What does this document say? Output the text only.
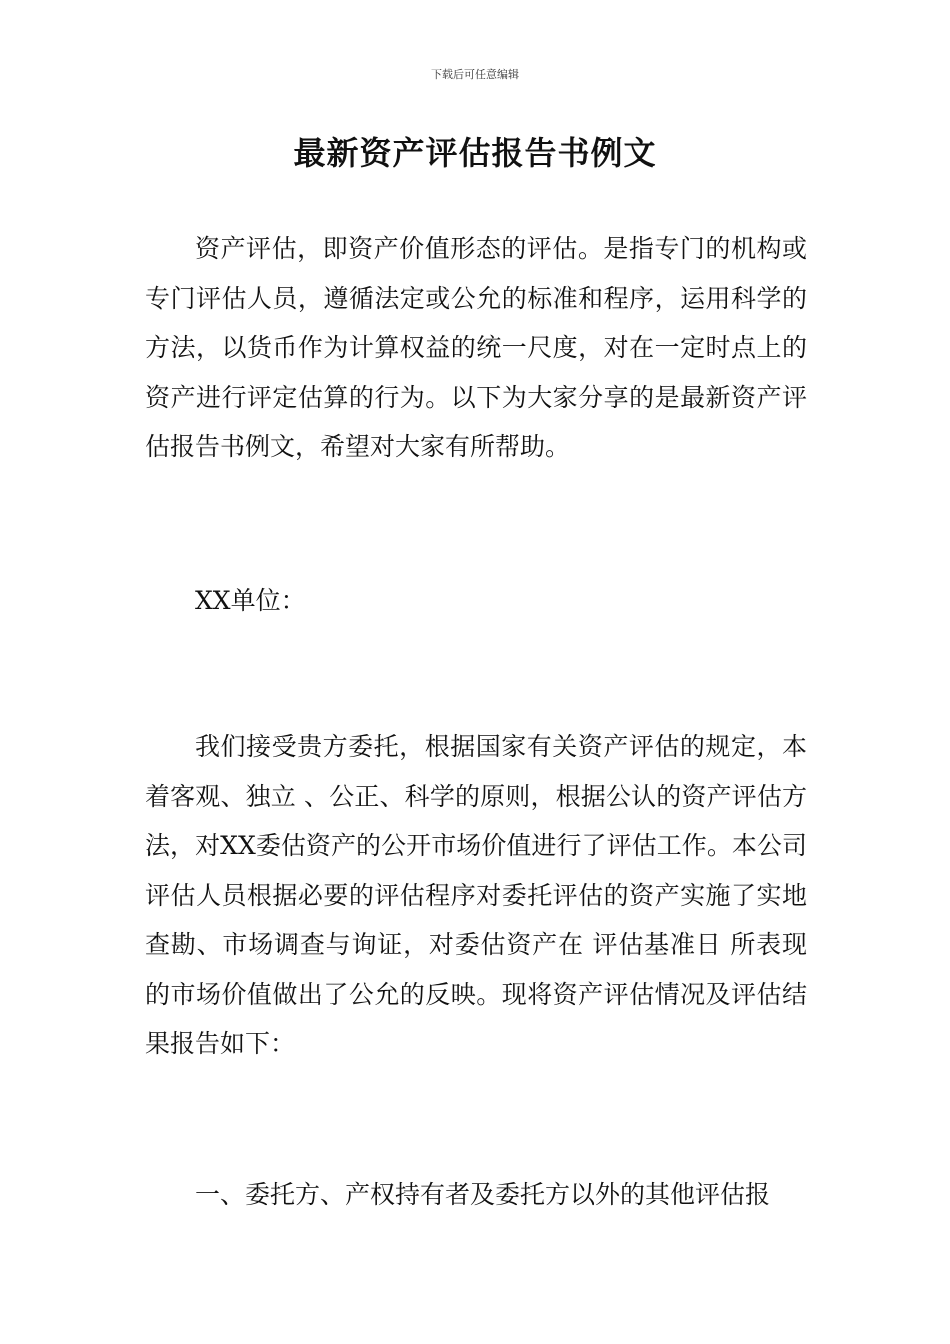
下载后可任意编辑
最新资产评估报告书例文

资产评估，即资产价值形态的评估。是指专门的机构或专门评估人员，遵循法定或公允的标准和程序，运用科学的方法，以货币作为计算权益的统一尺度，对在一定时点上的资产进行评定估算的行为。以下为大家分享的是最新资产评估报告书例文，希望对大家有所帮助。

XX单位：

我们接受贵方委托，根据国家有关资产评估的规定，本着客观、独立 、公正、科学的原则，根据公认的资产评估方法，对XX委估资产的公开市场价值进行了评估工作。本公司评估人员根据必要的评估程序对委托评估的资产实施了实地查勘、市场调查与询证，对委估资产在 评估基准日 所表现的市场价值做出了公允的反映。现将资产评估情况及评估结果报告如下：

一、委托方、产权持有者及委托方以外的其他评估报
